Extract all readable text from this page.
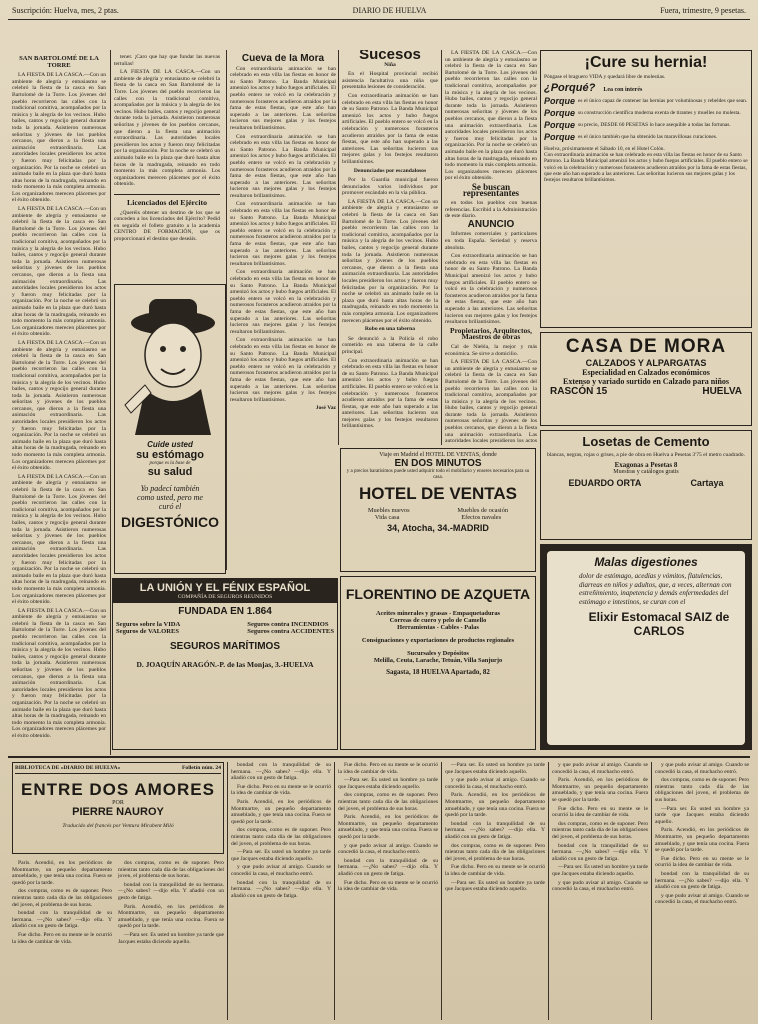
Suscripción: Huelva, mes, 2 ptas.	DIARIO DE HUELVA	Fuera, trimestre, 9 pesetas.
SAN BARTOLOMÉ DE LA TORRE

LA FIESTA DE LA CASCA.—Con un ambiente de alegría y entusiasmo se celebró la fiesta de la casca en San Bartolomé de la Torre. Los jóvenes del pueblo recorrieron las calles con la tradicional comitiva, acompañados por la música y la alegría de los vecinos. Hubo bailes, cantos y regocijo general durante toda la jornada. Asistieron numerosas señoritas y jóvenes de los pueblos cercanos, que dieron a la fiesta una animación extraordinaria. Las autoridades locales presidieron los actos y fueron muy felicitadas por la organización. Por la noche se celebró un animado baile en la plaza que duró hasta altas horas de la madrugada, reinando en todo momento la más completa armonía. Los organizadores merecen plácemes por el éxito obtenido.

LA FIESTA DE LA CASCA.—Con un ambiente de alegría y entusiasmo se celebró la fiesta de la casca en San Bartolomé de la Torre. Los jóvenes del pueblo recorrieron las calles con la tradicional comitiva, acompañados por la música y la alegría de los vecinos. Hubo bailes, cantos y regocijo general durante toda la jornada. Asistieron numerosas señoritas y jóvenes de los pueblos cercanos, que dieron a la fiesta una animación extraordinaria. Las autoridades locales presidieron los actos y fueron muy felicitadas por la organización. Por la noche se celebró un animado baile en la plaza que duró hasta altas horas de la madrugada, reinando en todo momento la más completa armonía. Los organizadores merecen plácemes por el éxito obtenido.

LA FIESTA DE LA CASCA.—Con un ambiente de alegría y entusiasmo se celebró la fiesta de la casca en San Bartolomé de la Torre. Los jóvenes del pueblo recorrieron las calles con la tradicional comitiva, acompañados por la música y la alegría de los vecinos. Hubo bailes, cantos y regocijo general durante toda la jornada. Asistieron numerosas señoritas y jóvenes de los pueblos cercanos, que dieron a la fiesta una animación extraordinaria. Las autoridades locales presidieron los actos y fueron muy felicitadas por la organización. Por la noche se celebró un animado baile en la plaza que duró hasta altas horas de la madrugada, reinando en todo momento la más completa armonía. Los organizadores merecen plácemes por el éxito obtenido.

LA FIESTA DE LA CASCA.—Con un ambiente de alegría y entusiasmo se celebró la fiesta de la casca en San Bartolomé de la Torre. Los jóvenes del pueblo recorrieron las calles con la tradicional comitiva, acompañados por la música y la alegría de los vecinos. Hubo bailes, cantos y regocijo general durante toda la jornada. Asistieron numerosas señoritas y jóvenes de los pueblos cercanos, que dieron a la fiesta una animación extraordinaria. Las autoridades locales presidieron los actos y fueron muy felicitadas por la organización. Por la noche se celebró un animado baile en la plaza que duró hasta altas horas de la madrugada, reinando en todo momento la más completa armonía. Los organizadores merecen plácemes por el éxito obtenido.

LA FIESTA DE LA CASCA.—Con un ambiente de alegría y entusiasmo se celebró la fiesta de la casca en San Bartolomé de la Torre. Los jóvenes del pueblo recorrieron las calles con la tradicional comitiva, acompañados por la música y la alegría de los vecinos. Hubo bailes, cantos y regocijo general durante toda la jornada. Asistieron numerosas señoritas y jóvenes de los pueblos cercanos, que dieron a la fiesta una animación extraordinaria. Las autoridades locales presidieron los actos y fueron muy felicitadas por la organización. Por la noche se celebró un animado baile en la plaza que duró hasta altas horas de la madrugada, reinando en todo momento la más completa armonía. Los organizadores merecen plácemes por el éxito obtenido.

tener. ¡Caro que hay que fundar las nuevas tertulias!

LA FIESTA DE LA CASCA.—Con un ambiente de alegría y entusiasmo se celebró la fiesta de la casca en San Bartolomé de la Torre. Los jóvenes del pueblo recorrieron las calles con la tradicional comitiva, acompañados por la música y la alegría de los vecinos. Hubo bailes, cantos y regocijo general durante toda la jornada. Asistieron numerosas señoritas y jóvenes de los pueblos cercanos, que dieron a la fiesta una animación extraordinaria. Las autoridades locales presidieron los actos y fueron muy felicitadas por la organización. Por la noche se celebró un animado baile en la plaza que duró hasta altas horas de la madrugada, reinando en todo momento la más completa armonía. Los organizadores merecen plácemes por el éxito obtenido.

Licenciados del Ejército

¿Queréis obtener un destino de los que se conceden a los licenciados del Ejército? Pedid en seguida el folleto gratuito a la academia CENTRO DE FORMACIÓN, que os proporcionará el destino que deseáis.

Cuide usted
su estómago
porque es la base de
su salud
Yo padecí también
como usted, pero me
curó el
DIGESTÓNICO
Cueva de la Mora

Con extraordinaria animación se han celebrado en esta villa las fiestas en honor de su Santo Patrono. La Banda Municipal amenizó los actos y hubo fuegos artificiales. El pueblo entero se volcó en la celebración y numerosos forasteros acudieron atraídos por la fama de estas fiestas, que este año han superado a las anteriores. Las señoritas lucieron sus mejores galas y los festejos resultaron brillantísimos.

Con extraordinaria animación se han celebrado en esta villa las fiestas en honor de su Santo Patrono. La Banda Municipal amenizó los actos y hubo fuegos artificiales. El pueblo entero se volcó en la celebración y numerosos forasteros acudieron atraídos por la fama de estas fiestas, que este año han superado a las anteriores. Las señoritas lucieron sus mejores galas y los festejos resultaron brillantísimos.

Con extraordinaria animación se han celebrado en esta villa las fiestas en honor de su Santo Patrono. La Banda Municipal amenizó los actos y hubo fuegos artificiales. El pueblo entero se volcó en la celebración y numerosos forasteros acudieron atraídos por la fama de estas fiestas, que este año han superado a las anteriores. Las señoritas lucieron sus mejores galas y los festejos resultaron brillantísimos.

Con extraordinaria animación se han celebrado en esta villa las fiestas en honor de su Santo Patrono. La Banda Municipal amenizó los actos y hubo fuegos artificiales. El pueblo entero se volcó en la celebración y numerosos forasteros acudieron atraídos por la fama de estas fiestas, que este año han superado a las anteriores. Las señoritas lucieron sus mejores galas y los festejos resultaron brillantísimos.

Con extraordinaria animación se han celebrado en esta villa las fiestas en honor de su Santo Patrono. La Banda Municipal amenizó los actos y hubo fuegos artificiales. El pueblo entero se volcó en la celebración y numerosos forasteros acudieron atraídos por la fama de estas fiestas, que este año han superado a las anteriores. Las señoritas lucieron sus mejores galas y los festejos resultaron brillantísimos.

José Vaz
Sucesos
Niña

En el Hospital provincial recibió asistencia facultativa una niña que presentaba lesiones de consideración.

Con extraordinaria animación se han celebrado en esta villa las fiestas en honor de su Santo Patrono. La Banda Municipal amenizó los actos y hubo fuegos artificiales. El pueblo entero se volcó en la celebración y numerosos forasteros acudieron atraídos por la fama de estas fiestas, que este año han superado a las anteriores. Las señoritas lucieron sus mejores galas y los festejos resultaron brillantísimos.

Denunciados por escandalosos

Por la Guardia municipal fueron denunciados varios individuos por promover escándalo en la vía pública.

LA FIESTA DE LA CASCA.—Con un ambiente de alegría y entusiasmo se celebró la fiesta de la casca en San Bartolomé de la Torre. Los jóvenes del pueblo recorrieron las calles con la tradicional comitiva, acompañados por la música y la alegría de los vecinos. Hubo bailes, cantos y regocijo general durante toda la jornada. Asistieron numerosas señoritas y jóvenes de los pueblos cercanos, que dieron a la fiesta una animación extraordinaria. Las autoridades locales presidieron los actos y fueron muy felicitadas por la organización. Por la noche se celebró un animado baile en la plaza que duró hasta altas horas de la madrugada, reinando en todo momento la más completa armonía. Los organizadores merecen plácemes por el éxito obtenido.

Robo en una taberna

Se denunció a la Policía el robo cometido en una taberna de la calle principal.

Con extraordinaria animación se han celebrado en esta villa las fiestas en honor de su Santo Patrono. La Banda Municipal amenizó los actos y hubo fuegos artificiales. El pueblo entero se volcó en la celebración y numerosos forasteros acudieron atraídos por la fama de estas fiestas, que este año han superado a las anteriores. Las señoritas lucieron sus mejores galas y los festejos resultaron brillantísimos.

LA FIESTA DE LA CASCA.—Con un ambiente de alegría y entusiasmo se celebró la fiesta de la casca en San Bartolomé de la Torre. Los jóvenes del pueblo recorrieron las calles con la tradicional comitiva, acompañados por la música y la alegría de los vecinos. Hubo bailes, cantos y regocijo general durante toda la jornada. Asistieron numerosas señoritas y jóvenes de los pueblos cercanos, que dieron a la fiesta una animación extraordinaria. Las autoridades locales presidieron los actos y fueron muy felicitadas por la organización. Por la noche se celebró un animado baile en la plaza que duró hasta altas horas de la madrugada, reinando en todo momento la más completa armonía. Los organizadores merecen plácemes por el éxito obtenido.

Se buscan representantes

en todos los pueblos con buenas referencias. Escribid a la Administración de este diario.

ANUNCIO

Informes comerciales y particulares en toda España. Seriedad y reserva absoluta.

Con extraordinaria animación se han celebrado en esta villa las fiestas en honor de su Santo Patrono. La Banda Municipal amenizó los actos y hubo fuegos artificiales. El pueblo entero se volcó en la celebración y numerosos forasteros acudieron atraídos por la fama de estas fiestas, que este año han superado a las anteriores. Las señoritas lucieron sus mejores galas y los festejos resultaron brillantísimos.

Propietarios, Arquitectos, Maestros de obras

Cal de Niebla, la mejor y más económica. Se sirve a domicilio.

LA FIESTA DE LA CASCA.—Con un ambiente de alegría y entusiasmo se celebró la fiesta de la casca en San Bartolomé de la Torre. Los jóvenes del pueblo recorrieron las calles con la tradicional comitiva, acompañados por la música y la alegría de los vecinos. Hubo bailes, cantos y regocijo general durante toda la jornada. Asistieron numerosas señoritas y jóvenes de los pueblos cercanos, que dieron a la fiesta una animación extraordinaria. Las autoridades locales presidieron los actos

¡Cure su hernia!
Póngase el braguero VIDA y quedará libre de molestias.
¿Porqué? Lea con interés
Porque es el único capaz de contener las hernias por voluminosas y rebeldes que sean.
Porque su construcción científica moderna exenta de tirantes y muelles no molesta.
Porque su precio, DESDE 60 PESETAS lo hace asequible a todas las fortunas.
Porque es el único también que ha obtenido las maravillosas curaciones.
Huelva, próximamente el Sábado 10, en el Hotel Colón.
Con extraordinaria animación se han celebrado en esta villa las fiestas en honor de su Santo Patrono. La Banda Municipal amenizó los actos y hubo fuegos artificiales. El pueblo entero se volcó en la celebración y numerosos forasteros acudieron atraídos por la fama de estas fiestas, que este año han superado a las anteriores. Las señoritas lucieron sus mejores galas y los festejos resultaron brillantísimos.
CASA DE MORA
CALZADOS Y ALPARGATAS
Especialidad en Calzados económicos
Extenso y variado surtido en Calzado para niños
RASCÓN 15	HUELVA
Losetas de Cemento
blancas, negras, rojas o grises, a pie de obra en Huelva a Pesetas 3'75 el metro cuadrado.
Exagonas a Pesetas 8
Muestras y catálogos gratis
EDUARDO ORTA	Cartaya
Viaje en Madrid el HOTEL DE VENTAS, donde
EN DOS MINUTOS
y a precios baratísimos puede usted adquirir todo el mobiliario y enseres necesarios para su casa.
HOTEL DE VENTAS
Muebles nuevos	Muebles de ocasión
Vida casa	Efectos navales
34, Atocha, 34.-MADRID
Malas digestiones
dolor de estómago, acedías y vómitos, flatulencias, diarreas en niños y adultos, que, a veces, alternan con estreñimiento, inapetencia y demás enfermedades del estómago e intestinos, se curan con el
Elixir Estomacal SAIZ de CARLOS
LA UNIÓN Y EL FÉNIX ESPAÑOL
COMPAÑÍA DE SEGUROS REUNIDOS
FUNDADA EN 1.864
Seguros sobre la VIDA
Seguros de VALORES
Seguros contra INCENDIOS
Seguros contra ACCIDENTES
SEGUROS MARÍTIMOS
D. JOAQUÍN ARAGÓN.-P. de las Monjas, 3.-HUELVA
FLORENTINO DE AZQUETA
Aceites minerales y grasas - Empaquetaduras
Correas de cuero y pelo de Camello
Herramientas - Cables - Palas
Consignaciones y exportaciones de productos regionales
Sucursales y Depósitos
Melilla, Ceuta, Larache, Tetuán, Villa Sanjurjo
Sagasta, 18 HUELVA Apartado, 82
BIBLIOTECA DE «DIARIO DE HUELVA»	Folletín núm. 24
ENTRE DOS AMORES
POR
PIERRE NAUROY
Traducido del francés por Ventura Mirabent Miló

Paris. Acendió, en los periódicos de Montmartre, un pequeño departamento amueblado, y que tenía una cocina. Fuera se quedó por la tarde.

dos compras, como es de suponer. Pero mientras tanto cada día de las obligaciones del joven, el problema de sus horas.

bondad con la tranquilidad de su hermana. —¿No sabes? —dijo ella. Y añadió con un gesto de fatiga.

Fue dicho. Pero en su mente se le ocurrió la idea de cambiar de vida.

dos compras, como es de suponer. Pero mientras tanto cada día de las obligaciones del joven, el problema de sus horas.

bondad con la tranquilidad de su hermana. —¿No sabes? —dijo ella. Y añadió con un gesto de fatiga.

Paris. Acendió, en los periódicos de Montmartre, un pequeño departamento amueblado, y que tenía una cocina. Fuera se quedó por la tarde.

—Para ser. Es usted un hombre ya tarde que Jacques estaba diciendo aquello.

bondad con la tranquilidad de su hermana. —¿No sabes? —dijo ella. Y añadió con un gesto de fatiga.

Fue dicho. Pero en su mente se le ocurrió la idea de cambiar de vida.

Paris. Acendió, en los periódicos de Montmartre, un pequeño departamento amueblado, y que tenía una cocina. Fuera se quedó por la tarde.

dos compras, como es de suponer. Pero mientras tanto cada día de las obligaciones del joven, el problema de sus horas.

—Para ser. Es usted un hombre ya tarde que Jacques estaba diciendo aquello.

y que pudo avisar al amigo. Cuando se concedió la casa, el muchacho entró.

bondad con la tranquilidad de su hermana. —¿No sabes? —dijo ella. Y añadió con un gesto de fatiga.

Fue dicho. Pero en su mente se le ocurrió la idea de cambiar de vida.

—Para ser. Es usted un hombre ya tarde que Jacques estaba diciendo aquello.

dos compras, como es de suponer. Pero mientras tanto cada día de las obligaciones del joven, el problema de sus horas.

Paris. Acendió, en los periódicos de Montmartre, un pequeño departamento amueblado, y que tenía una cocina. Fuera se quedó por la tarde.

y que pudo avisar al amigo. Cuando se concedió la casa, el muchacho entró.

bondad con la tranquilidad de su hermana. —¿No sabes? —dijo ella. Y añadió con un gesto de fatiga.

Fue dicho. Pero en su mente se le ocurrió la idea de cambiar de vida.

—Para ser. Es usted un hombre ya tarde que Jacques estaba diciendo aquello.

y que pudo avisar al amigo. Cuando se concedió la casa, el muchacho entró.

Paris. Acendió, en los periódicos de Montmartre, un pequeño departamento amueblado, y que tenía una cocina. Fuera se quedó por la tarde.

bondad con la tranquilidad de su hermana. —¿No sabes? —dijo ella. Y añadió con un gesto de fatiga.

dos compras, como es de suponer. Pero mientras tanto cada día de las obligaciones del joven, el problema de sus horas.

Fue dicho. Pero en su mente se le ocurrió la idea de cambiar de vida.

—Para ser. Es usted un hombre ya tarde que Jacques estaba diciendo aquello.

y que pudo avisar al amigo. Cuando se concedió la casa, el muchacho entró.

Paris. Acendió, en los periódicos de Montmartre, un pequeño departamento amueblado, y que tenía una cocina. Fuera se quedó por la tarde.

Fue dicho. Pero en su mente se le ocurrió la idea de cambiar de vida.

dos compras, como es de suponer. Pero mientras tanto cada día de las obligaciones del joven, el problema de sus horas.

bondad con la tranquilidad de su hermana. —¿No sabes? —dijo ella. Y añadió con un gesto de fatiga.

—Para ser. Es usted un hombre ya tarde que Jacques estaba diciendo aquello.

y que pudo avisar al amigo. Cuando se concedió la casa, el muchacho entró.

y que pudo avisar al amigo. Cuando se concedió la casa, el muchacho entró.

dos compras, como es de suponer. Pero mientras tanto cada día de las obligaciones del joven, el problema de sus horas.

—Para ser. Es usted un hombre ya tarde que Jacques estaba diciendo aquello.

Paris. Acendió, en los periódicos de Montmartre, un pequeño departamento amueblado, y que tenía una cocina. Fuera se quedó por la tarde.

Fue dicho. Pero en su mente se le ocurrió la idea de cambiar de vida.

bondad con la tranquilidad de su hermana. —¿No sabes? —dijo ella. Y añadió con un gesto de fatiga.

y que pudo avisar al amigo. Cuando se concedió la casa, el muchacho entró.
